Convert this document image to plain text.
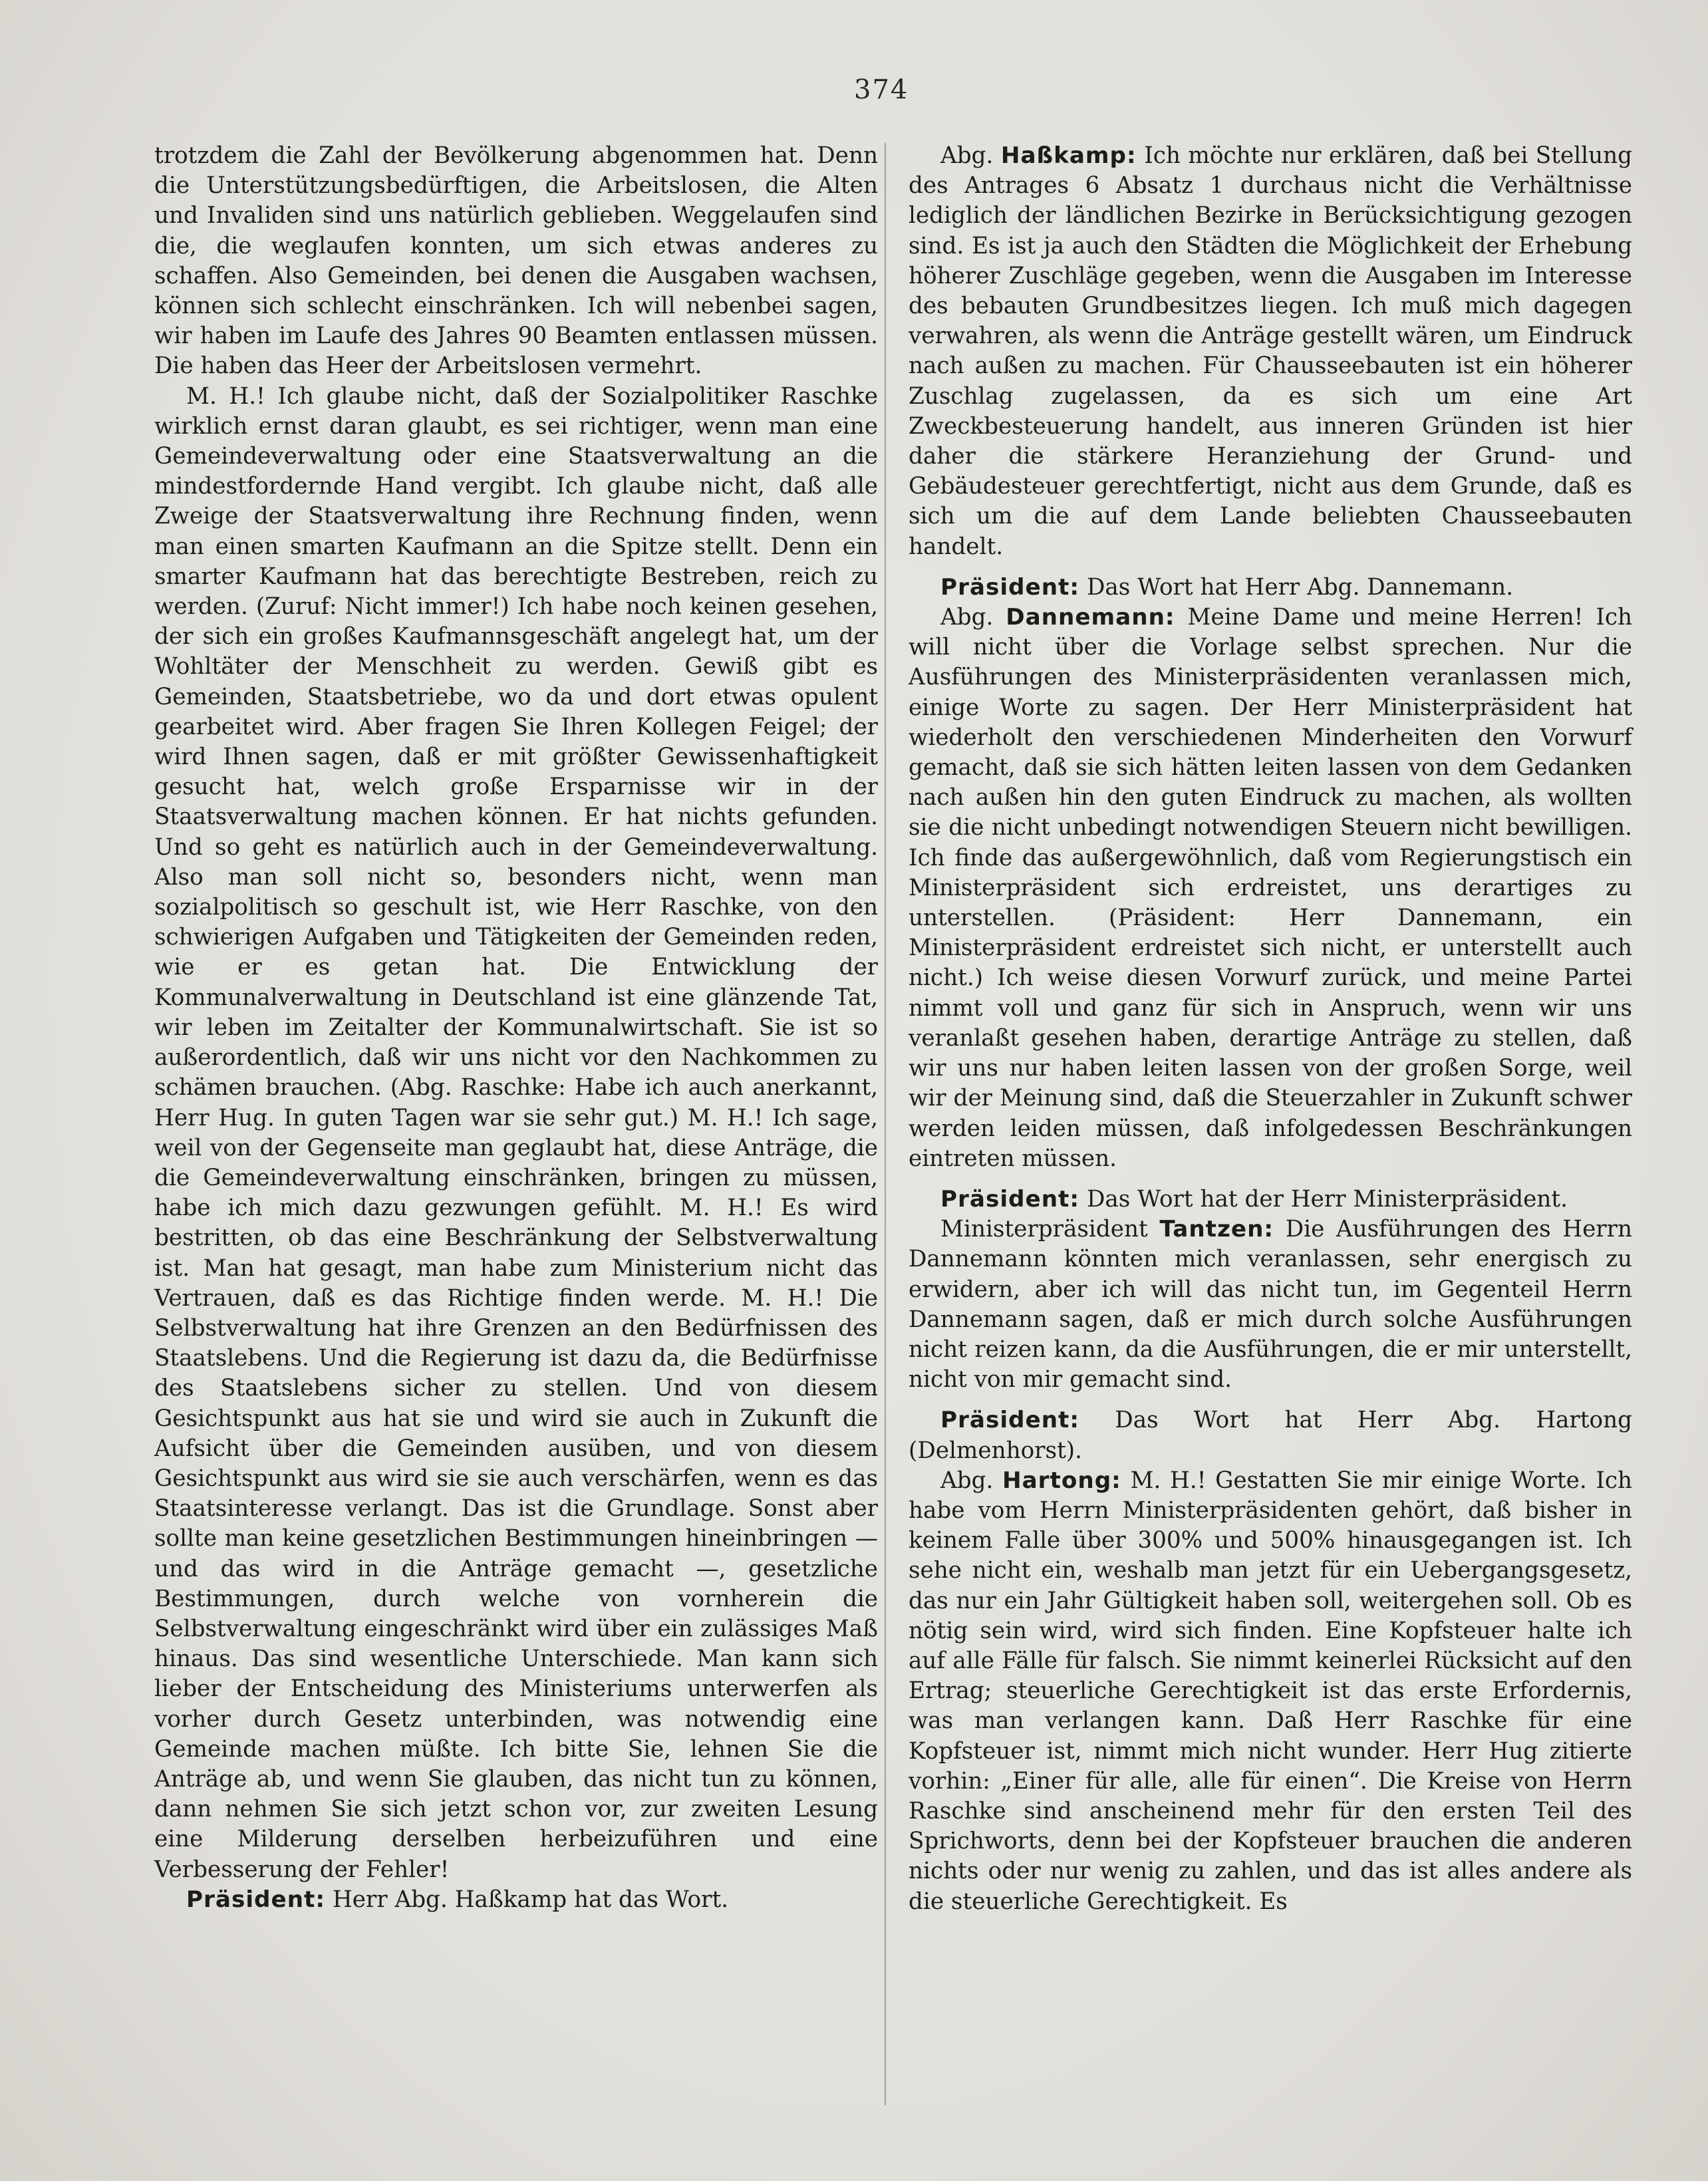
374

trotzdem die Zahl der Bevölkerung abgenommen hat. Denn die Unterstützungsbedürftigen, die Arbeitslosen, die Alten und Invaliden sind uns natürlich geblieben. Weggelaufen sind die, die weglaufen konnten, um sich etwas anderes zu schaffen. Also Gemeinden, bei denen die Ausgaben wachsen, können sich schlecht einschränken. Ich will nebenbei sagen, wir haben im Laufe des Jahres 90 Beamten entlassen müssen. Die haben das Heer der Arbeitslosen vermehrt.

M. H.! Ich glaube nicht, daß der Sozialpolitiker Raschke wirklich ernst daran glaubt, es sei richtiger, wenn man eine Gemeindeverwaltung oder eine Staatsverwaltung an die mindestfordernde Hand vergibt. Ich glaube nicht, daß alle Zweige der Staatsverwaltung ihre Rechnung finden, wenn man einen smarten Kaufmann an die Spitze stellt. Denn ein smarter Kaufmann hat das berechtigte Bestreben, reich zu werden. (Zuruf: Nicht immer!) Ich habe noch keinen gesehen, der sich ein großes Kaufmannsgeschäft angelegt hat, um der Wohltäter der Menschheit zu werden. Gewiß gibt es Gemeinden, Staatsbetriebe, wo da und dort etwas opulent gearbeitet wird. Aber fragen Sie Ihren Kollegen Feigel; der wird Ihnen sagen, daß er mit größter Gewissenhaftigkeit gesucht hat, welch große Ersparnisse wir in der Staatsverwaltung machen können. Er hat nichts gefunden. Und so geht es natürlich auch in der Gemeindeverwaltung. Also man soll nicht so, besonders nicht, wenn man sozialpolitisch so geschult ist, wie Herr Raschke, von den schwierigen Aufgaben und Tätigkeiten der Gemeinden reden, wie er es getan hat. Die Entwicklung der Kommunalverwaltung in Deutschland ist eine glänzende Tat, wir leben im Zeitalter der Kommunalwirtschaft. Sie ist so außerordentlich, daß wir uns nicht vor den Nachkommen zu schämen brauchen. (Abg. Raschke: Habe ich auch anerkannt, Herr Hug. In guten Tagen war sie sehr gut.) M. H.! Ich sage, weil von der Gegenseite man geglaubt hat, diese Anträge, die die Gemeindeverwaltung einschränken, bringen zu müssen, habe ich mich dazu gezwungen gefühlt. M. H.! Es wird bestritten, ob das eine Beschränkung der Selbstverwaltung ist. Man hat gesagt, man habe zum Ministerium nicht das Vertrauen, daß es das Richtige finden werde. M. H.! Die Selbstverwaltung hat ihre Grenzen an den Bedürfnissen des Staatslebens. Und die Regierung ist dazu da, die Bedürfnisse des Staatslebens sicher zu stellen. Und von diesem Gesichtspunkt aus hat sie und wird sie auch in Zukunft die Aufsicht über die Gemeinden ausüben, und von diesem Gesichtspunkt aus wird sie sie auch verschärfen, wenn es das Staatsinteresse verlangt. Das ist die Grundlage. Sonst aber sollte man keine gesetzlichen Bestimmungen hineinbringen — und das wird in die Anträge gemacht —, gesetzliche Bestimmungen, durch welche von vornherein die Selbstverwaltung eingeschränkt wird über ein zulässiges Maß hinaus. Das sind wesentliche Unterschiede. Man kann sich lieber der Entscheidung des Ministeriums unterwerfen als vorher durch Gesetz unterbinden, was notwendig eine Gemeinde machen müßte. Ich bitte Sie, lehnen Sie die Anträge ab, und wenn Sie glauben, das nicht tun zu können, dann nehmen Sie sich jetzt schon vor, zur zweiten Lesung eine Milderung derselben herbeizuführen und eine Verbesserung der Fehler!

Präsident: Herr Abg. Haßkamp hat das Wort.

Abg. Haßkamp: Ich möchte nur erklären, daß bei Stellung des Antrages 6 Absatz 1 durchaus nicht die Verhältnisse lediglich der ländlichen Bezirke in Berücksichtigung gezogen sind. Es ist ja auch den Städten die Möglichkeit der Erhebung höherer Zuschläge gegeben, wenn die Ausgaben im Interesse des bebauten Grundbesitzes liegen. Ich muß mich dagegen verwahren, als wenn die Anträge gestellt wären, um Eindruck nach außen zu machen. Für Chausseebauten ist ein höherer Zuschlag zugelassen, da es sich um eine Art Zweckbesteuerung handelt, aus inneren Gründen ist hier daher die stärkere Heranziehung der Grund- und Gebäudesteuer gerechtfertigt, nicht aus dem Grunde, daß es sich um die auf dem Lande beliebten Chausseebauten handelt.

Präsident: Das Wort hat Herr Abg. Dannemann.

Abg. Dannemann: Meine Dame und meine Herren! Ich will nicht über die Vorlage selbst sprechen. Nur die Ausführungen des Ministerpräsidenten veranlassen mich, einige Worte zu sagen. Der Herr Ministerpräsident hat wiederholt den verschiedenen Minderheiten den Vorwurf gemacht, daß sie sich hätten leiten lassen von dem Gedanken nach außen hin den guten Eindruck zu machen, als wollten sie die nicht unbedingt notwendigen Steuern nicht bewilligen. Ich finde das außergewöhnlich, daß vom Regierungstisch ein Ministerpräsident sich erdreistet, uns derartiges zu unterstellen. (Präsident: Herr Dannemann, ein Ministerpräsident erdreistet sich nicht, er unterstellt auch nicht.) Ich weise diesen Vorwurf zurück, und meine Partei nimmt voll und ganz für sich in Anspruch, wenn wir uns veranlaßt gesehen haben, derartige Anträge zu stellen, daß wir uns nur haben leiten lassen von der großen Sorge, weil wir der Meinung sind, daß die Steuerzahler in Zukunft schwer werden leiden müssen, daß infolgedessen Beschränkungen eintreten müssen.

Präsident: Das Wort hat der Herr Ministerpräsident.

Ministerpräsident Tantzen: Die Ausführungen des Herrn Dannemann könnten mich veranlassen, sehr energisch zu erwidern, aber ich will das nicht tun, im Gegenteil Herrn Dannemann sagen, daß er mich durch solche Ausführungen nicht reizen kann, da die Ausführungen, die er mir unterstellt, nicht von mir gemacht sind.

Präsident: Das Wort hat Herr Abg. Hartong (Delmenhorst).

Abg. Hartong: M. H.! Gestatten Sie mir einige Worte. Ich habe vom Herrn Ministerpräsidenten gehört, daß bisher in keinem Falle über 300% und 500% hinausgegangen ist. Ich sehe nicht ein, weshalb man jetzt für ein Uebergangsgesetz, das nur ein Jahr Gültigkeit haben soll, weitergehen soll. Ob es nötig sein wird, wird sich finden. Eine Kopfsteuer halte ich auf alle Fälle für falsch. Sie nimmt keinerlei Rücksicht auf den Ertrag; steuerliche Gerechtigkeit ist das erste Erfordernis, was man verlangen kann. Daß Herr Raschke für eine Kopfsteuer ist, nimmt mich nicht wunder. Herr Hug zitierte vorhin: „Einer für alle, alle für einen“. Die Kreise von Herrn Raschke sind anscheinend mehr für den ersten Teil des Sprichworts, denn bei der Kopfsteuer brauchen die anderen nichts oder nur wenig zu zahlen, und das ist alles andere als die steuerliche Gerechtigkeit. Es
